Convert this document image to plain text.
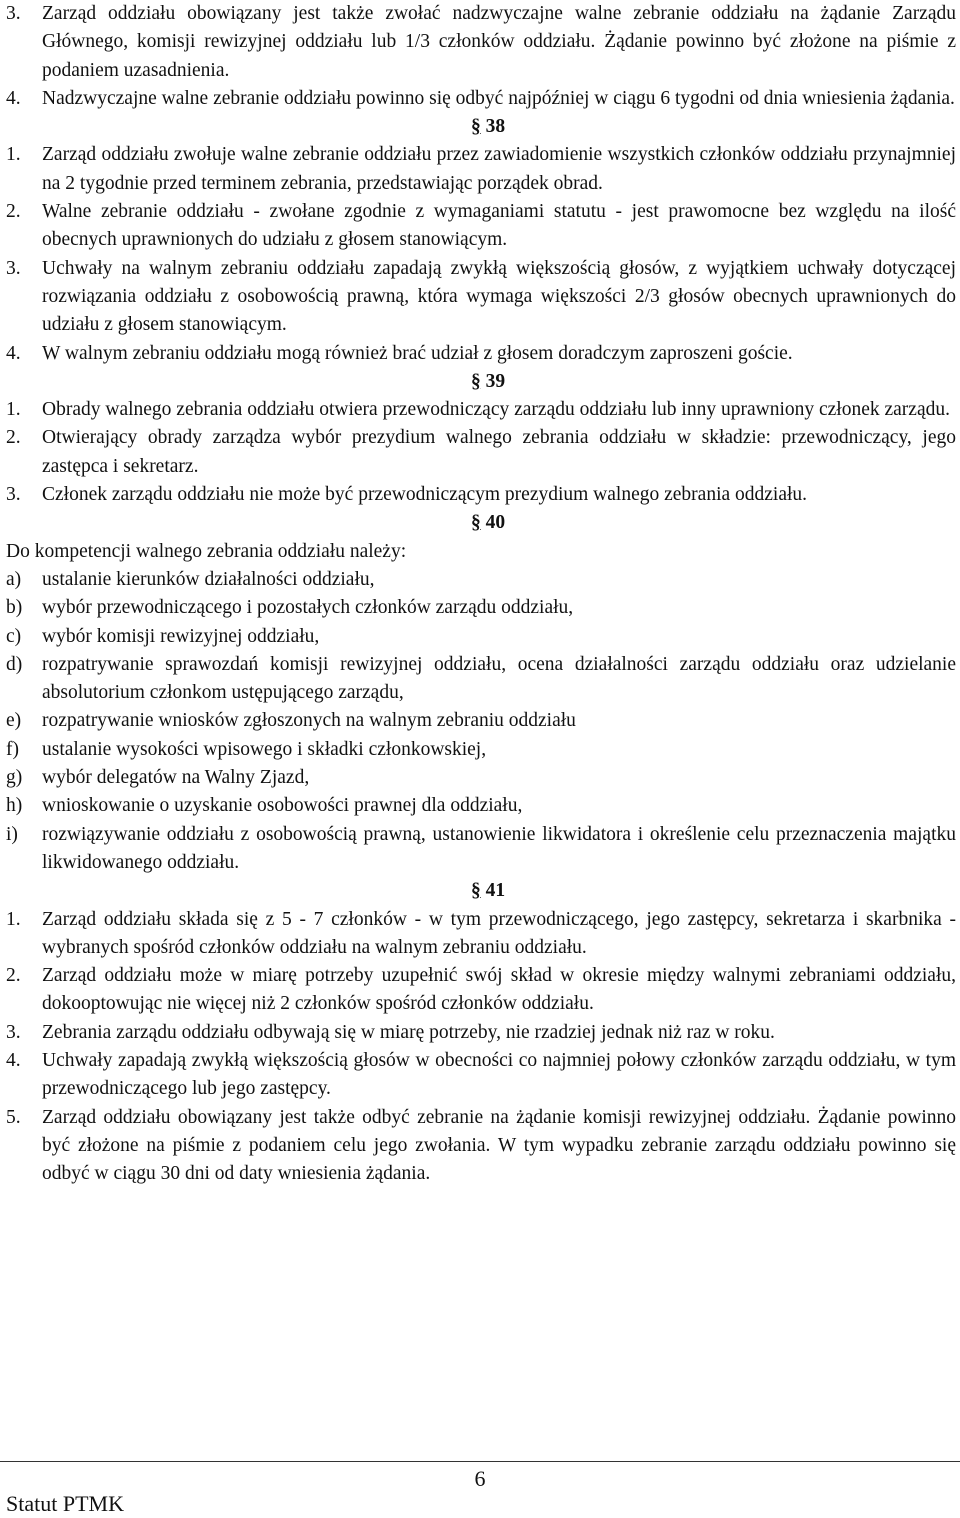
3. Zarząd oddziału obowiązany jest także zwołać nadzwyczajne walne zebranie oddziału na żądanie Zarządu Głównego, komisji rewizyjnej oddziału lub 1/3 członków oddziału. Żądanie powinno być złożone na piśmie z podaniem uzasadnienia.
4. Nadzwyczajne walne zebranie oddziału powinno się odbyć najpóźniej w ciągu 6 tygodni od dnia wniesienia żądania.
§ 38
1. Zarząd oddziału zwołuje walne zebranie oddziału przez zawiadomienie wszystkich członków oddziału przynajmniej na 2 tygodnie przed terminem zebrania, przedstawiając porządek obrad.
2. Walne zebranie oddziału - zwołane zgodnie z wymaganiami statutu - jest prawomocne bez względu na ilość obecnych uprawnionych do udziału z głosem stanowiącym.
3. Uchwały na walnym zebraniu oddziału zapadają zwykłą większością głosów, z wyjątkiem uchwały dotyczącej rozwiązania oddziału z osobowością prawną, która wymaga większości 2/3 głosów obecnych uprawnionych do udziału z głosem stanowiącym.
4. W walnym zebraniu oddziału mogą również brać udział z głosem doradczym zaproszeni goście.
§ 39
1. Obrady walnego zebrania oddziału otwiera przewodniczący zarządu oddziału lub inny uprawniony członek zarządu.
2. Otwierający obrady zarządza wybór prezydium walnego zebrania oddziału w składzie: przewodniczący, jego zastępca i sekretarz.
3. Członek zarządu oddziału nie może być przewodniczącym prezydium walnego zebrania oddziału.
§ 40
Do kompetencji walnego zebrania oddziału należy:
a) ustalanie kierunków działalności oddziału,
b) wybór przewodniczącego i pozostałych członków zarządu oddziału,
c) wybór komisji rewizyjnej oddziału,
d) rozpatrywanie sprawozdań komisji rewizyjnej oddziału, ocena działalności zarządu oddziału oraz udzielanie absolutorium członkom ustępującego zarządu,
e) rozpatrywanie wniosków zgłoszonych na walnym zebraniu oddziału
f) ustalanie wysokości wpisowego i składki członkowskiej,
g) wybór delegatów na Walny Zjazd,
h) wnioskowanie o uzyskanie osobowości prawnej dla oddziału,
i) rozwiązywanie oddziału z osobowością prawną, ustanowienie likwidatora i określenie celu przeznaczenia majątku likwidowanego oddziału.
§ 41
1. Zarząd oddziału składa się z 5 - 7 członków - w tym przewodniczącego, jego zastępcy, sekretarza i skarbnika - wybranych spośród członków oddziału na walnym zebraniu oddziału.
2. Zarząd oddziału może w miarę potrzeby uzupełnić swój skład w okresie między walnymi zebraniami oddziału, dokooptowując nie więcej niż 2 członków spośród członków oddziału.
3. Zebrania zarządu oddziału odbywają się w miarę potrzeby, nie rzadziej jednak niż raz w roku.
4. Uchwały zapadają zwykłą większością głosów w obecności co najmniej połowy członków zarządu oddziału, w tym przewodniczącego lub jego zastępcy.
5. Zarząd oddziału obowiązany jest także odbyć zebranie na żądanie komisji rewizyjnej oddziału. Żądanie powinno być złożone na piśmie z podaniem celu jego zwołania. W tym wypadku zebranie zarządu oddziału powinno się odbyć w ciągu 30 dni od daty wniesienia żądania.
6
Statut PTMK
